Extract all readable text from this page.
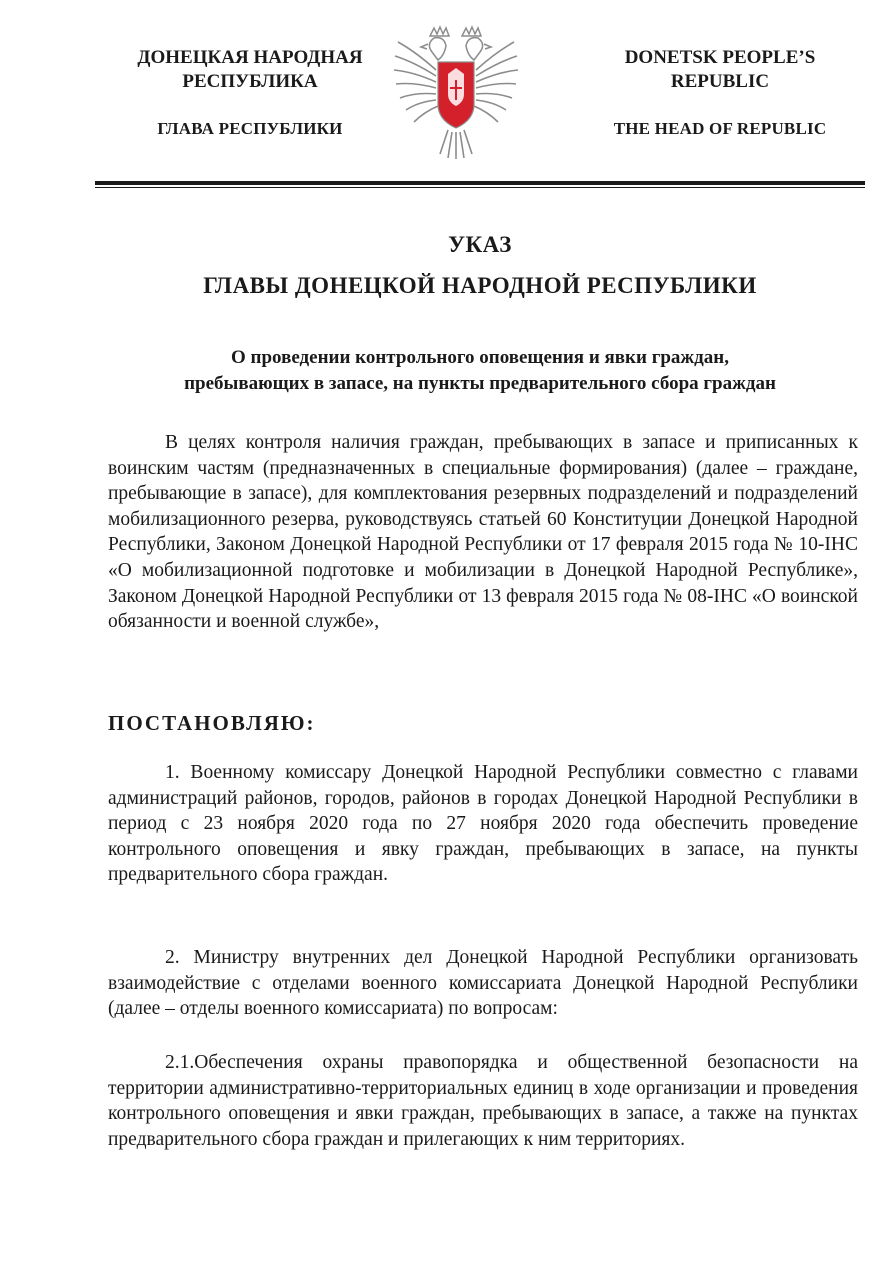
ДОНЕЦКАЯ НАРОДНАЯ
РЕСПУБЛИКА
ГЛАВА РЕСПУБЛИКИ
DONETSK PEOPLE’S
REPUBLIC
THE HEAD OF REPUBLIC
УКАЗ
ГЛАВЫ ДОНЕЦКОЙ НАРОДНОЙ РЕСПУБЛИКИ
О проведении контрольного оповещения и явки граждан,
пребывающих в запасе, на пункты предварительного сбора граждан
В целях контроля наличия граждан, пребывающих в запасе и приписанных к воинским частям (предназначенных в специальные формирования) (далее – граждане, пребывающие в запасе), для комплектования резервных подразделений и подразделений мобилизационного резерва, руководствуясь статьей 60 Конституции Донецкой Народной Республики, Законом Донецкой Народной Республики от 17 февраля 2015 года № 10-IНС «О мобилизационной подготовке и мобилизации в Донецкой Народной Республике», Законом Донецкой Народной Республики от 13 февраля 2015 года № 08-IНС «О воинской обязанности и военной службе»,
ПОСТАНОВЛЯЮ:
1. Военному комиссару Донецкой Народной Республики совместно с главами администраций районов, городов, районов в городах Донецкой Народной Республики в период с 23 ноября 2020 года по 27 ноября 2020 года обеспечить проведение контрольного оповещения и явку граждан, пребывающих в запасе, на пункты предварительного сбора граждан.
2. Министру внутренних дел Донецкой Народной Республики организовать взаимодействие с отделами военного комиссариата Донецкой Народной Республики (далее – отделы военного комиссариата) по вопросам:
2.1.Обеспечения охраны правопорядка и общественной безопасности на территории административно-территориальных единиц в ходе организации и проведения контрольного оповещения и явки граждан, пребывающих в запасе, а также на пунктах предварительного сбора граждан и прилегающих к ним территориях.
